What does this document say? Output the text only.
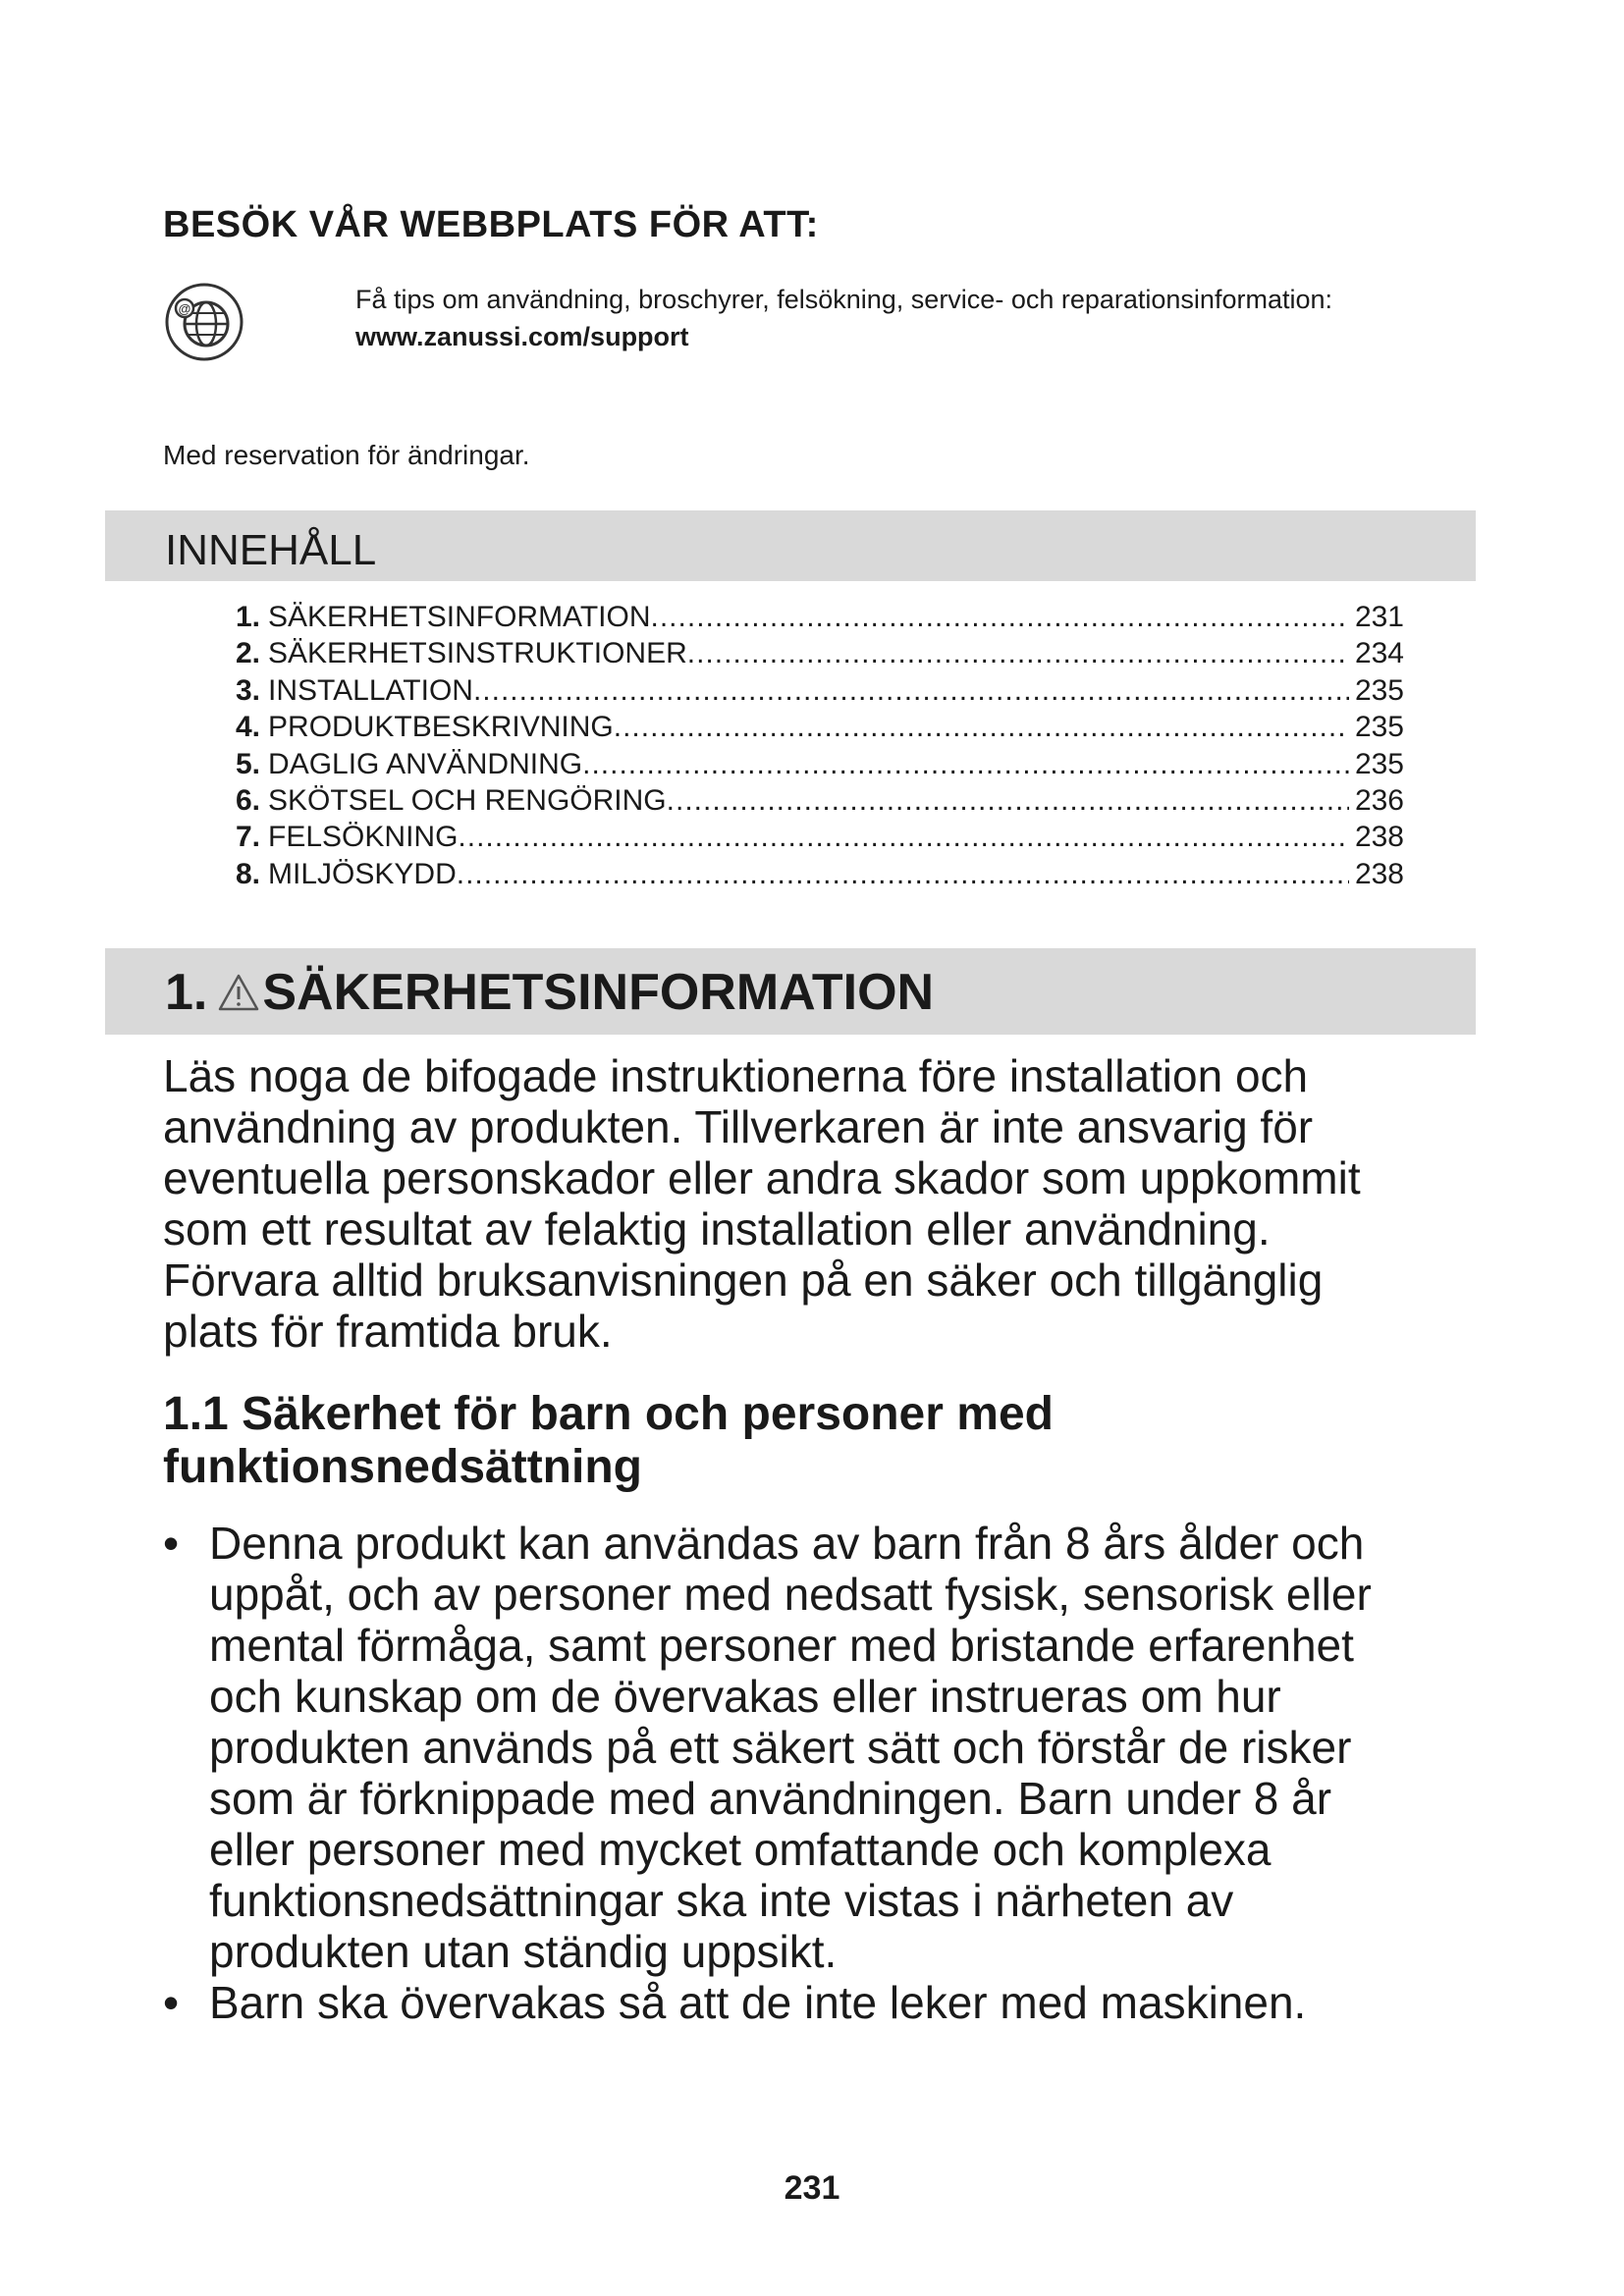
BESÖK VÅR WEBBPLATS FÖR ATT:
@	Få tips om användning, broschyrer, felsökning, service- och reparationsinformation:
www.zanussi.com/support
Med reservation för ändringar.
INNEHÅLL
1. SÄKERHETSINFORMATION .....	231
2. SÄKERHETSINSTRUKTIONER .....	234
3. INSTALLATION .....	235
4. PRODUKTBESKRIVNING .....	235
5. DAGLIG ANVÄNDNING .....	235
6. SKÖTSEL OCH RENGÖRING .....	236
7. FELSÖKNING .....	238
8. MILJÖSKYDD .....	238
1. SÄKERHETSINFORMATION

Läs noga de bifogade instruktionerna före installation och
användning av produkten. Tillverkaren är inte ansvarig för
eventuella personskador eller andra skador som uppkommit
som ett resultat av felaktig installation eller användning.
Förvara alltid bruksanvisningen på en säker och tillgänglig
plats för framtida bruk.

1.1 Säkerhet för barn och personer med
funktionsnedsättning
• Denna produkt kan användas av barn från 8 års ålder och
uppåt, och av personer med nedsatt fysisk, sensorisk eller
mental förmåga, samt personer med bristande erfarenhet
och kunskap om de övervakas eller instrueras om hur
produkten används på ett säkert sätt och förstår de risker
som är förknippade med användningen. Barn under 8 år
eller personer med mycket omfattande och komplexa
funktionsnedsättningar ska inte vistas i närheten av
produkten utan ständig uppsikt.
• Barn ska övervakas så att de inte leker med maskinen.
231
